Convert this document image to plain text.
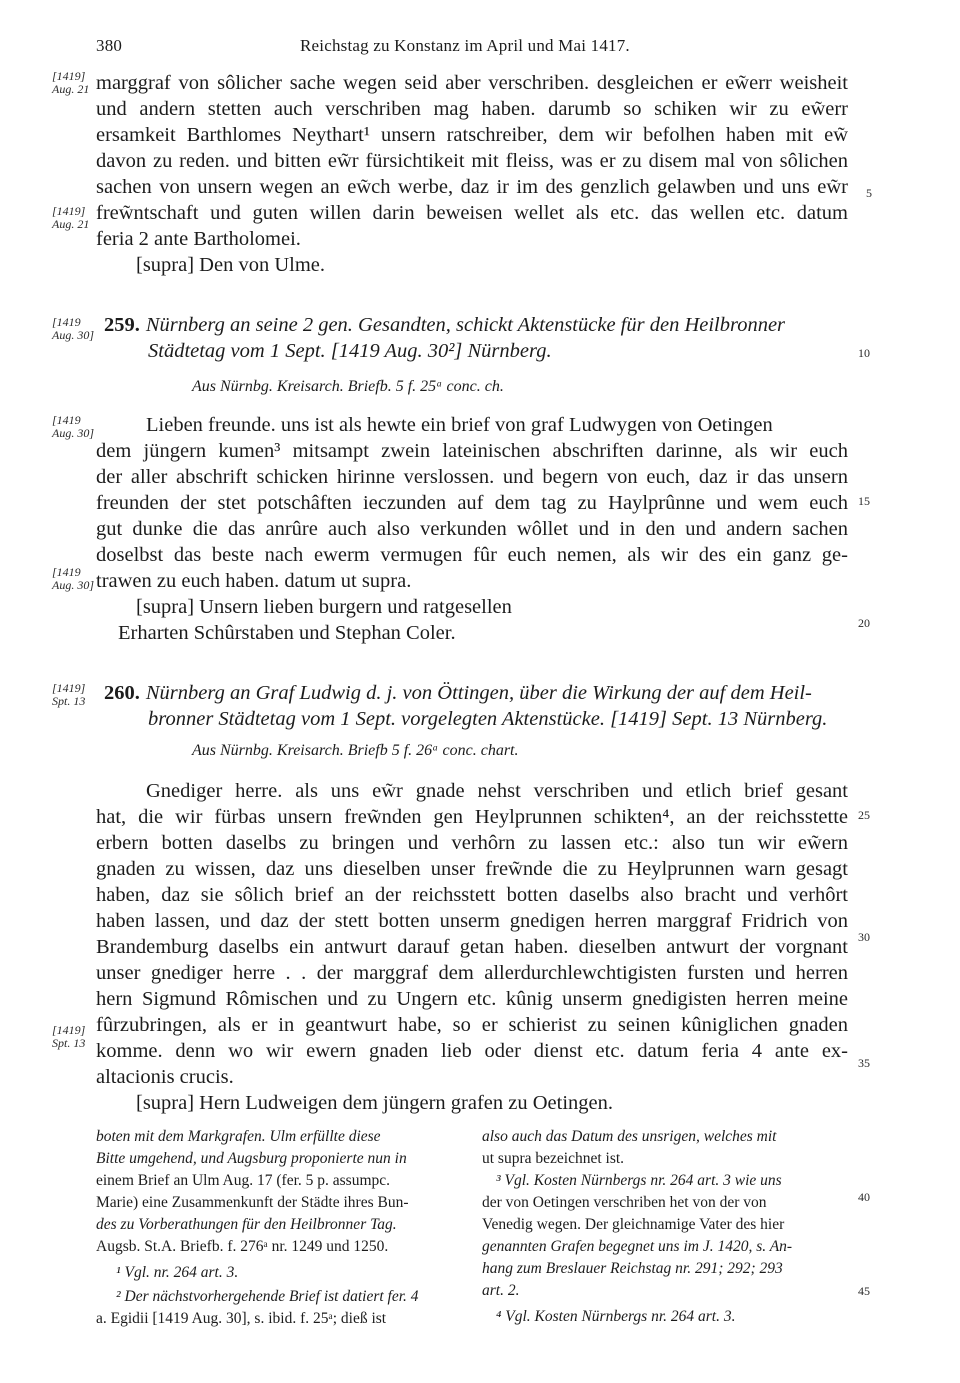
380	Reichstag zu Konstanz im April und Mai 1417.
marggraf von sôlicher sache wegen seid aber verschriben. desgleichen er ew̃err weisheit
und andern stetten auch verschriben mag haben. darumb so schiken wir zu ew̃err
ersamkeit Barthlomes Neythart¹ unsern ratschreiber, dem wir befolhen haben mit ew̃
davon zu reden. und bitten ew̃r fürsichtikeit mit fleiss, was er zu disem mal von sôlichen
sachen von unsern wegen an ew̃ch werbe, daz ir im des genzlich gelawben und uns ew̃r
frew̃ntschaft und guten willen darin beweisen wellet als etc. das wellen etc. datum
feria 2 ante Bartholomei.
[supra] Den von Ulme.
259. Nürnberg an seine 2 gen. Gesandten, schickt Aktenstücke für den Heilbronner
Städtetag vom 1 Sept. [1419 Aug. 30²] Nürnberg.
Aus Nürnbg. Kreisarch. Briefb. 5 f. 25ᵃ conc. ch.
Lieben freunde. uns ist als hewte ein brief von graf Ludwygen von Oetingen
dem jüngern kumen³ mitsampt zwein lateinischen abschriften darinne, als wir euch
der aller abschrift schicken hirinne verslossen. und begern von euch, daz ir das unsern
freunden der stet potschâften ieczunden auf dem tag zu Haylprûnne und wem euch
gut dunke die das anrûre auch also verkunden wôllet und in den und andern sachen
doselbst das beste nach ewerm vermugen fûr euch nemen, als wir des ein ganz ge-
trawen zu euch haben. datum ut supra.
[supra] Unsern lieben burgern und ratgesellen
Erharten Schûrstaben und Stephan Coler.
260. Nürnberg an Graf Ludwig d. j. von Öttingen, über die Wirkung der auf dem Heil-
bronner Städtetag vom 1 Sept. vorgelegten Aktenstücke. [1419] Sept. 13 Nürnberg.
Aus Nürnbg. Kreisarch. Briefb 5 f. 26ᵃ conc. chart.
Gnediger herre. als uns ew̃r gnade nehst verschriben und etlich brief gesant
hat, die wir fürbas unsern frew̃nden gen Heylprunnen schikten⁴, an der reichsstette
erbern botten daselbs zu bringen und verhôrn zu lassen etc.: also tun wir ew̃ern
gnaden zu wissen, daz uns dieselben unser frew̃nde die zu Heylprunnen warn gesagt
haben, daz sie sôlich brief an der reichsstett botten daselbs also bracht und verhôrt
haben lassen, und daz der stett botten unserm gnedigen herren marggraf Fridrich von
Brandemburg daselbs ein antwurt darauf getan haben. dieselben antwurt der vorgnant
unser gnediger herre . . der marggraf dem allerdurchlewchtigisten fursten und herren
hern Sigmund Rômischen und zu Ungern etc. kûnig unserm gnedigisten herren meine
fûrzubringen, als er in geantwurt habe, so er schierist zu seinen kûniglichen gnaden
komme. denn wo wir ewern gnaden lieb oder dienst etc. datum feria 4 ante ex-
altacionis crucis.
[supra] Hern Ludweigen dem jüngern grafen zu Oetingen.
[1419] Aug. 21
[1419] Aug. 21
[1419 Aug. 30]
[1419 Aug. 30]
[1419 Aug. 30]
[1419] Spt. 13
[1419] Spt. 13
5
10
15
20
25
30
35
40
45
boten mit dem Markgrafen. Ulm erfüllte diese
Bitte umgehend, und Augsburg proponierte nun in
einem Brief an Ulm Aug. 17 (fer. 5 p. assumpc.
Marie) eine Zusammenkunft der Städte ihres Bun-
des zu Vorberathungen für den Heilbronner Tag.
Augsb. St.A. Briefb. f. 276ᵃ nr. 1249 und 1250.
¹ Vgl. nr. 264 art. 3.
² Der nächstvorhergehende Brief ist datiert fer. 4
a. Egidii [1419 Aug. 30], s. ibid. f. 25ᵃ; dieß ist
also auch das Datum des unsrigen, welches mit
ut supra bezeichnet ist.
³ Vgl. Kosten Nürnbergs nr. 264 art. 3 wie uns
der von Oetingen verschriben het von der von
Venedig wegen. Der gleichnamige Vater des hier
genannten Grafen begegnet uns im J. 1420, s. An-
hang zum Breslauer Reichstag nr. 291; 292; 293
art. 2.
⁴ Vgl. Kosten Nürnbergs nr. 264 art. 3.
